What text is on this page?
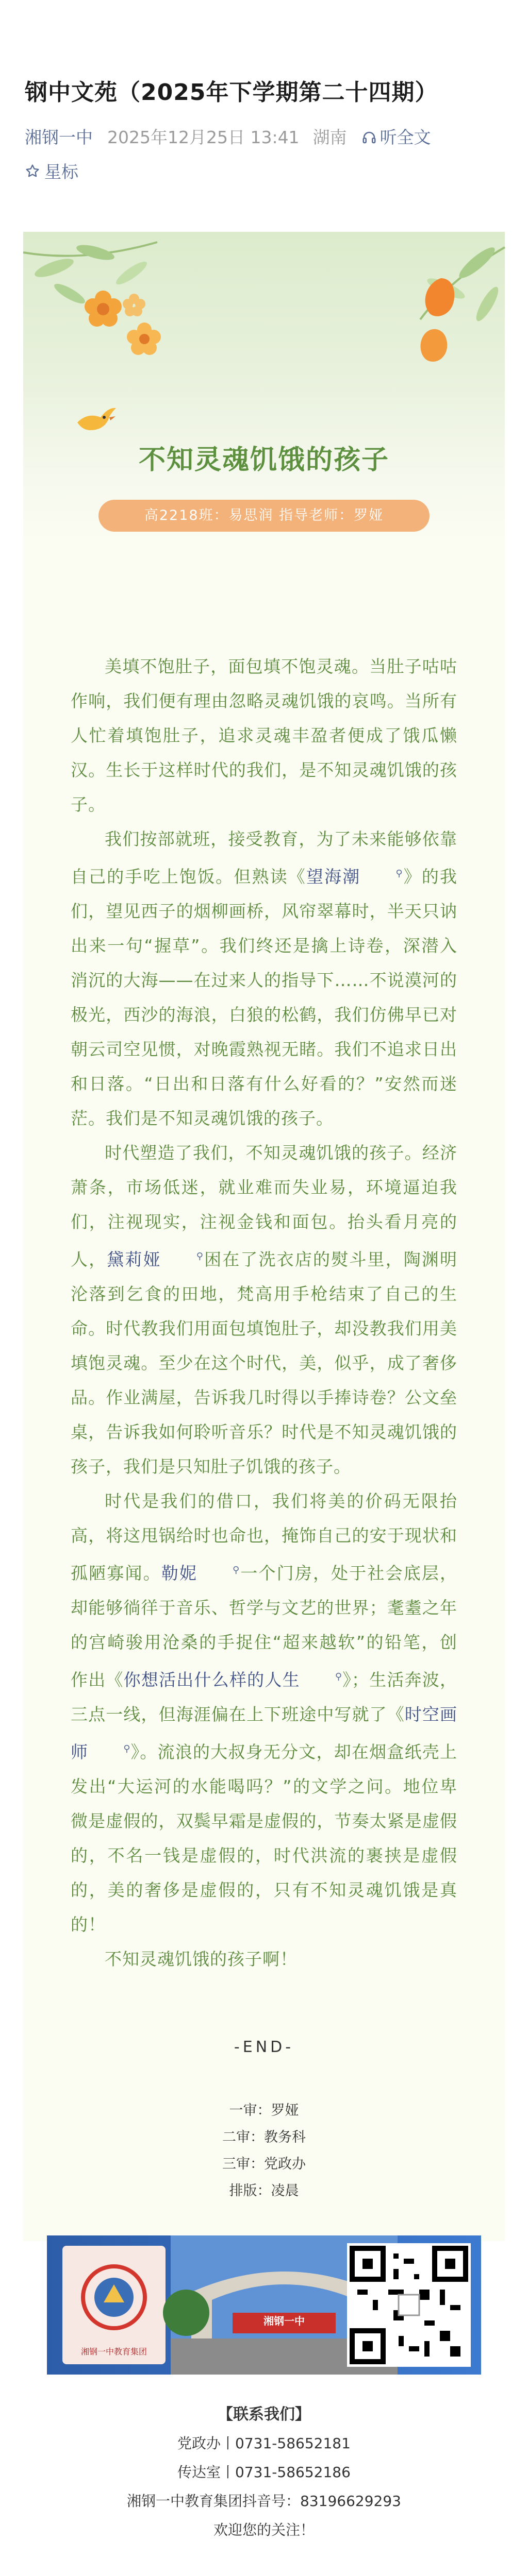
钢中文苑（2025年下学期第二十四期）
湘钢一中 2025年12月25日 13:41 湖南 听全文
星标
不知灵魂饥饿的孩子
高2218班：易思润 指导老师：罗娅

美填不饱肚子，面包填不饱灵魂。当肚子咕咕作响，我们便有理由忽略灵魂饥饿的哀鸣。当所有人忙着填饱肚子，追求灵魂丰盈者便成了饿瓜懒汉。生长于这样时代的我们，是不知灵魂饥饿的孩子。

我们按部就班，接受教育，为了未来能够依靠自己的手吃上饱饭。但熟读《望海潮	⚲》的我们，望见西子的烟柳画桥，风帘翠幕时，半天只讷出来一句“握草”。我们终还是擒上诗卷，深潜入消沉的大海——在过来人的指导下……不说漠河的极光，西沙的海浪，白狼的松鹤，我们仿佛早已对朝云司空见惯，对晚霞熟视无睹。我们不追求日出和日落。“日出和日落有什么好看的？”安然而迷茫。我们是不知灵魂饥饿的孩子。

时代塑造了我们，不知灵魂饥饿的孩子。经济萧条，市场低迷，就业难而失业易，环境逼迫我们，注视现实，注视金钱和面包。抬头看月亮的人，黛莉娅	⚲困在了洗衣店的熨斗里，陶渊明沦落到乞食的田地，梵高用手枪结束了自己的生命。时代教我们用面包填饱肚子，却没教我们用美填饱灵魂。至少在这个时代，美，似乎，成了奢侈品。作业满屋，告诉我几时得以手捧诗卷？公文垒桌，告诉我如何聆听音乐？时代是不知灵魂饥饿的孩子，我们是只知肚子饥饿的孩子。

时代是我们的借口，我们将美的价码无限抬高，将这甩锅给时也命也，掩饰自己的安于现状和孤陋寡闻。勒妮	⚲一个门房，处于社会底层，却能够徜徉于音乐、哲学与文艺的世界；耄耋之年的宫崎骏用沧桑的手捉住“超来越软”的铅笔，创作出《你想活出什么样的人生	⚲》；生活奔波，三点一线，但海涯偏在上下班途中写就了《时空画师	⚲》。流浪的大叔身无分文，却在烟盒纸壳上发出“大运河的水能喝吗？”的文学之问。地位卑微是虚假的，双鬓早霜是虚假的，节奏太紧是虚假的，不名一钱是虚假的，时代洪流的裹挟是虚假的，美的奢侈是虚假的，只有不知灵魂饥饿是真的！

不知灵魂饥饿的孩子啊！

-END-
一审：罗娅
二审：教务科
三审：党政办
排版：凌晨
湘钢一中教育集团
湘钢一中
【联系我们】
党政办丨0731-58652181
传达室丨0731-58652186
湘钢一中教育集团抖音号：83196629293
欢迎您的关注！
